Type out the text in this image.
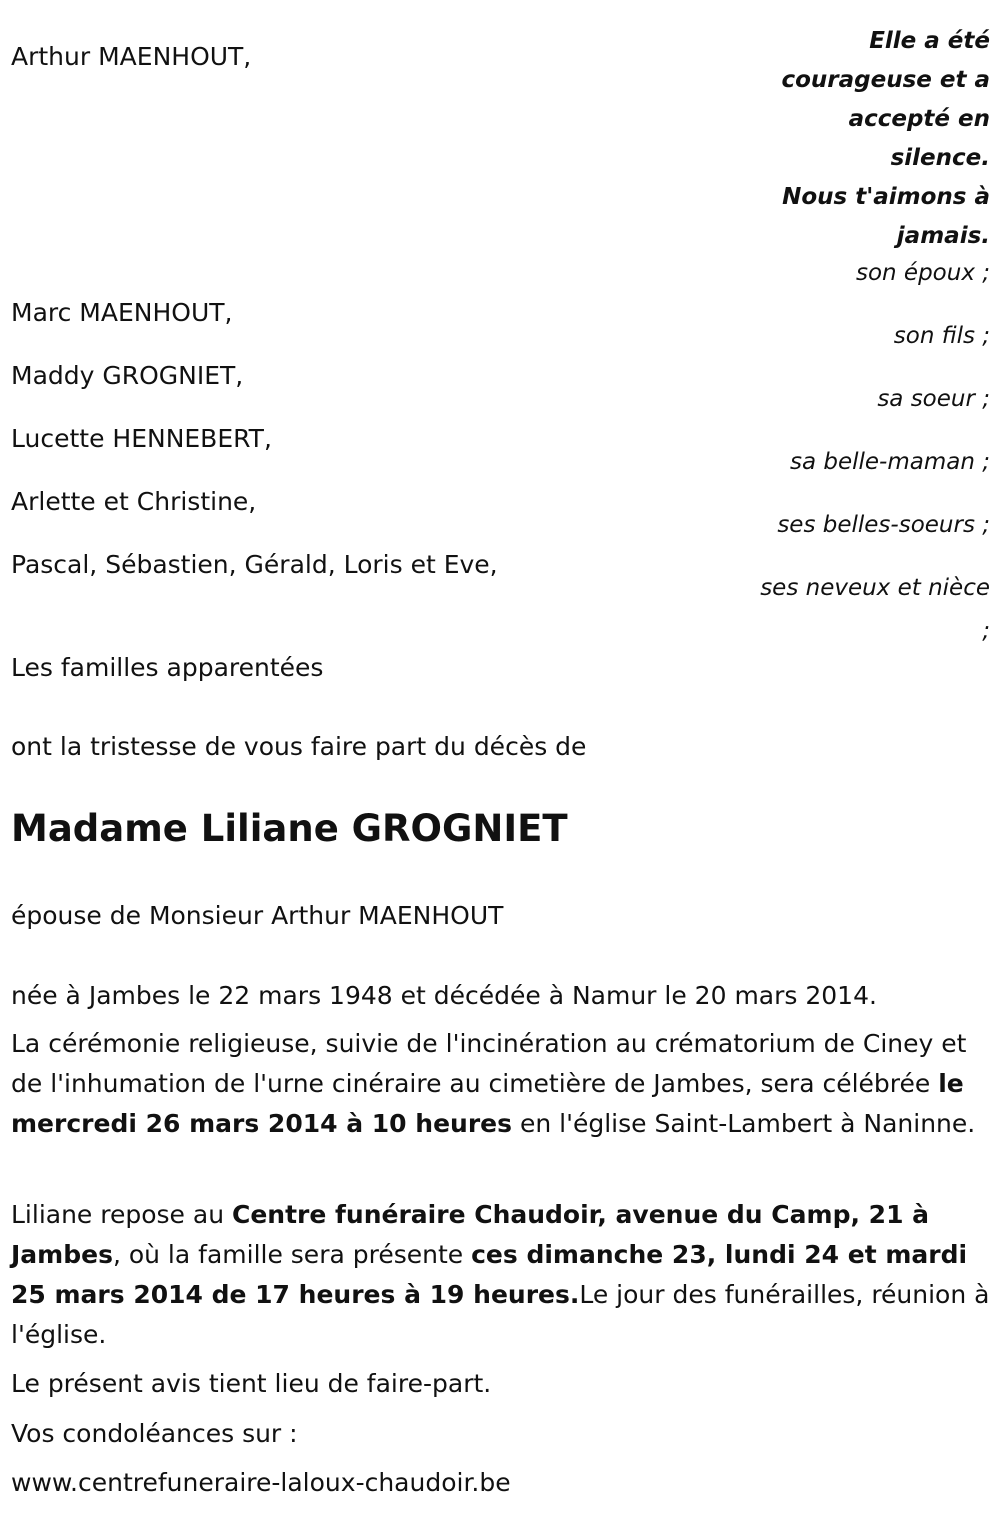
Elle a été
courageuse et a
accepté en
silence.
Nous t'aimons à
jamais.
Arthur MAENHOUT,
son époux ;
Marc MAENHOUT,
son fils ;
Maddy GROGNIET,
sa soeur ;
Lucette HENNEBERT,
sa belle-maman ;
Arlette et Christine,
ses belles-soeurs ;
Pascal, Sébastien, Gérald, Loris et Eve,
ses neveux et nièce
;
Les familles apparentées
ont la tristesse de vous faire part du décès de
Madame Liliane GROGNIET
épouse de Monsieur Arthur MAENHOUT
née à Jambes le 22 mars 1948 et décédée à Namur le 20 mars 2014.
La cérémonie religieuse, suivie de l'incinération au crématorium de Ciney et de l'inhumation de l'urne cinéraire au cimetière de Jambes, sera célébrée le mercredi 26 mars 2014 à 10 heures en l'église Saint-Lambert à Naninne.
Liliane repose au Centre funéraire Chaudoir, avenue du Camp, 21 à Jambes, où la famille sera présente ces dimanche 23, lundi 24 et mardi 25 mars 2014 de 17 heures à 19 heures.Le jour des funérailles, réunion à l'église.
Le présent avis tient lieu de faire-part.
Vos condoléances sur :
www.centrefuneraire-laloux-chaudoir.be
